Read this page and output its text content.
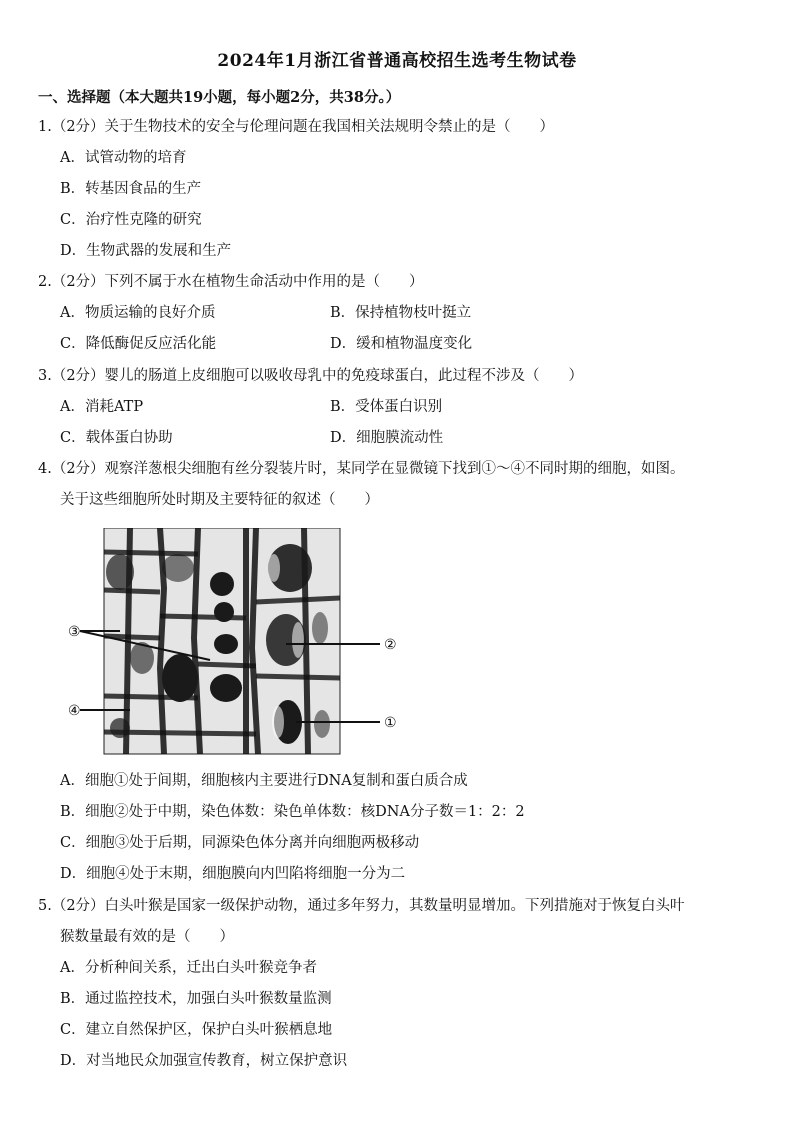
2024年1月浙江省普通高校招生选考生物试卷
一、选择题（本大题共19小题，每小题2分，共38分。）
1.（2分）关于生物技术的安全与伦理问题在我国相关法规明令禁止的是（　　）
A．试管动物的培育
B．转基因食品的生产
C．治疗性克隆的研究
D．生物武器的发展和生产
2.（2分）下列不属于水在植物生命活动中作用的是（　　）
A．物质运输的良好介质	B．保持植物枝叶挺立
C．降低酶促反应活化能	D．缓和植物温度变化
3.（2分）婴儿的肠道上皮细胞可以吸收母乳中的免疫球蛋白，此过程不涉及（　　）
A．消耗ATP	B．受体蛋白识别
C．载体蛋白协助	D．细胞膜流动性
4.（2分）观察洋葱根尖细胞有丝分裂装片时，某同学在显微镜下找到①～④不同时期的细胞，如图。
关于这些细胞所处时期及主要特征的叙述（　　）
③
④
②
①
A．细胞①处于间期，细胞核内主要进行DNA复制和蛋白质合成
B．细胞②处于中期，染色体数：染色单体数：核DNA分子数＝1：2：2
C．细胞③处于后期，同源染色体分离并向细胞两极移动
D．细胞④处于末期，细胞膜向内凹陷将细胞一分为二
5.（2分）白头叶猴是国家一级保护动物，通过多年努力，其数量明显增加。下列措施对于恢复白头叶
猴数量最有效的是（　　）
A．分析种间关系，迁出白头叶猴竞争者
B．通过监控技术，加强白头叶猴数量监测
C．建立自然保护区，保护白头叶猴栖息地
D．对当地民众加强宣传教育，树立保护意识
